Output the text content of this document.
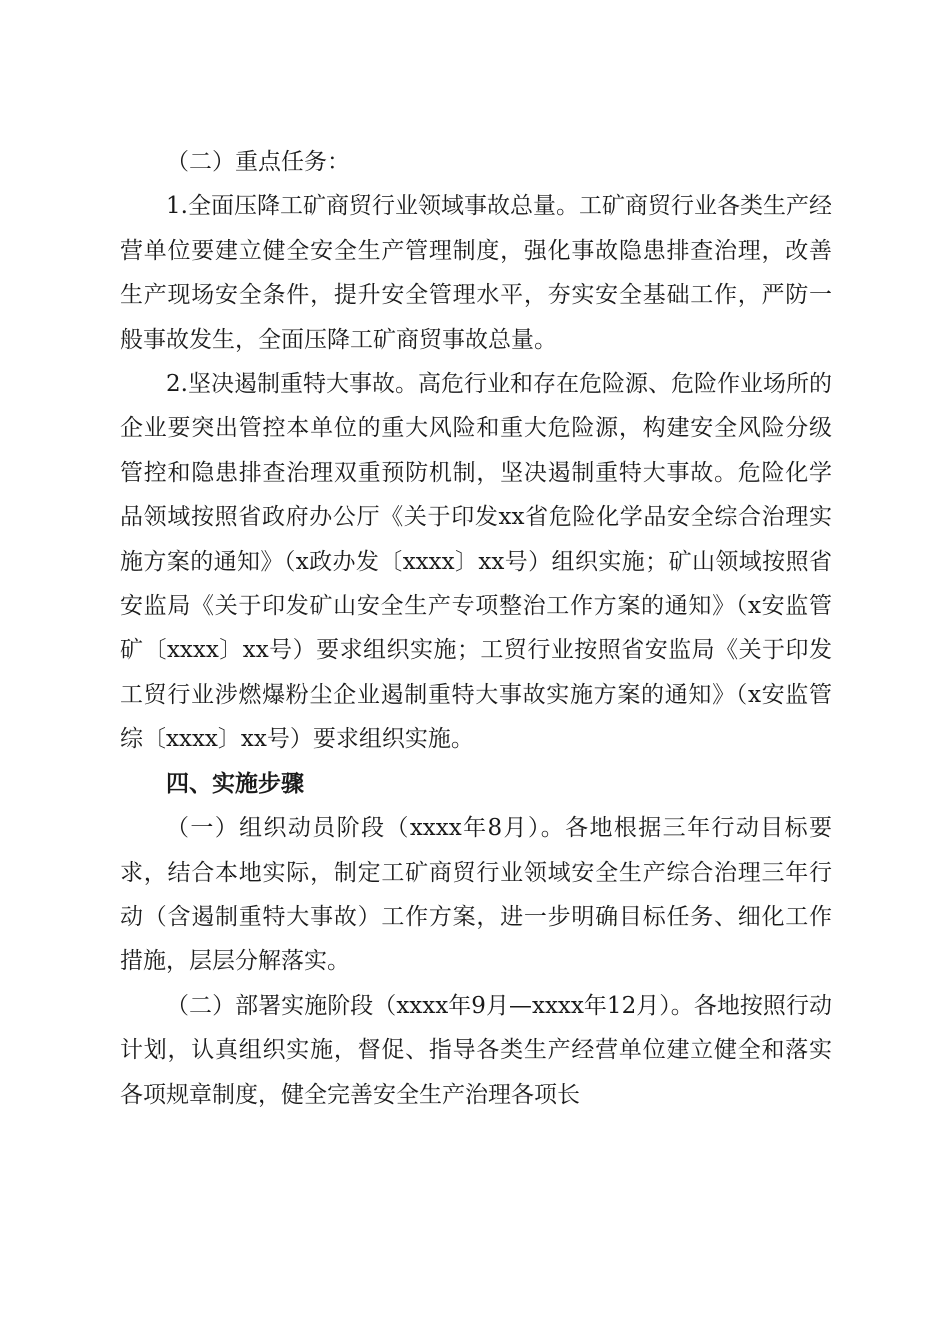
（二）重点任务：

1.全面压降工矿商贸行业领域事故总量。工矿商贸行业各类生产经营单位要建立健全安全生产管理制度，强化事故隐患排查治理，改善生产现场安全条件，提升安全管理水平，夯实安全基础工作，严防一般事故发生，全面压降工矿商贸事故总量。

2.坚决遏制重特大事故。高危行业和存在危险源、危险作业场所的企业要突出管控本单位的重大风险和重大危险源，构建安全风险分级管控和隐患排查治理双重预防机制，坚决遏制重特大事故。危险化学品领域按照省政府办公厅《关于印发xx省危险化学品安全综合治理实施方案的通知》（x政办发〔xxxx〕xx号）组织实施；矿山领域按照省安监局《关于印发矿山安全生产专项整治工作方案的通知》（x安监管矿〔xxxx〕xx号）要求组织实施；工贸行业按照省安监局《关于印发工贸行业涉燃爆粉尘企业遏制重特大事故实施方案的通知》（x安监管综〔xxxx〕xx号）要求组织实施。

四、实施步骤

（一）组织动员阶段（xxxx年8月）。各地根据三年行动目标要求，结合本地实际，制定工矿商贸行业领域安全生产综合治理三年行动（含遏制重特大事故）工作方案，进一步明确目标任务、细化工作措施，层层分解落实。

（二）部署实施阶段（xxxx年9月—xxxx年12月）。各地按照行动计划，认真组织实施，督促、指导各类生产经营单位建立健全和落实各项规章制度，健全完善安全生产治理各项长
